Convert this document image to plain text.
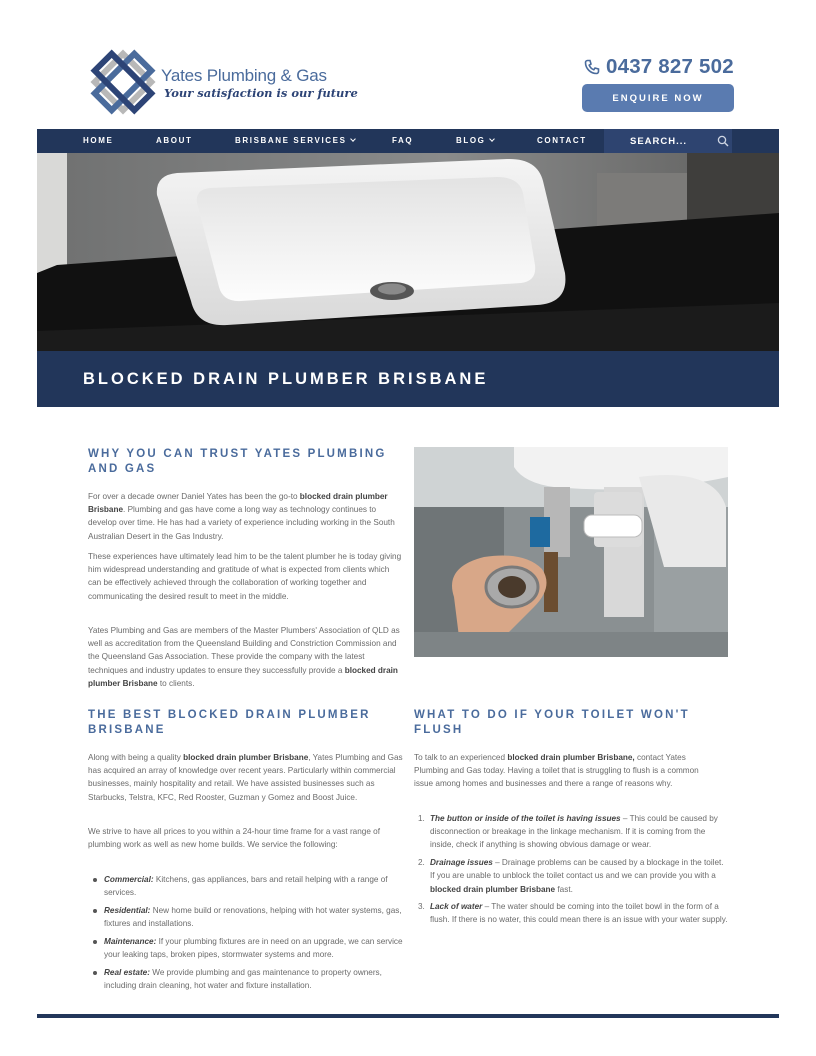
Yates Plumbing & Gas
Your satisfaction is our future
0437 827 502
ENQUIRE NOW
HOME	ABOUT	BRISBANE SERVICES	FAQ	BLOG	CONTACT
SEARCH...
BLOCKED DRAIN PLUMBER BRISBANE
WHY YOU CAN TRUST YATES PLUMBING AND GAS

For over a decade owner Daniel Yates has been the go-to blocked drain plumber Brisbane. Plumbing and gas have come a long way as technology continues to develop over time. He has had a variety of experience including working in the South Australian Desert in the Gas Industry.

These experiences have ultimately lead him to be the talent plumber he is today giving him widespread understanding and gratitude of what is expected from clients which can be effectively achieved through the collaboration of working together and communicating the desired result to meet in the middle.

Yates Plumbing and Gas are members of the Master Plumbers' Association of QLD as well as accreditation from the Queensland Building and Constriction Commission and the Queensland Gas Association. These provide the company with the latest techniques and industry updates to ensure they successfully provide a blocked drain plumber Brisbane to clients.

THE BEST BLOCKED DRAIN PLUMBER BRISBANE

Along with being a quality blocked drain plumber Brisbane, Yates Plumbing and Gas has acquired an array of knowledge over recent years. Particularly within commercial businesses, mainly hospitality and retail. We have assisted businesses such as Starbucks, Telstra, KFC, Red Rooster, Guzman y Gomez and Boost Juice.

We strive to have all prices to you within a 24-hour time frame for a vast range of plumbing work as well as new home builds. We service the following:

Commercial: Kitchens, gas appliances, bars and retail helping with a range of services.
Residential: New home build or renovations, helping with hot water systems, gas, fixtures and installations.
Maintenance: If your plumbing fixtures are in need on an upgrade, we can service your leaking taps, broken pipes, stormwater systems and more.
Real estate: We provide plumbing and gas maintenance to property owners, including drain cleaning, hot water and fixture installation.
WHAT TO DO IF YOUR TOILET WON'T FLUSH

To talk to an experienced blocked drain plumber Brisbane, contact Yates Plumbing and Gas today. Having a toilet that is struggling to flush is a common issue among homes and businesses and there a range of reasons why.

1. The button or inside of the toilet is having issues – This could be caused by disconnection or breakage in the linkage mechanism. If it is coming from the inside, check if anything is showing obvious damage or wear.
2. Drainage issues – Drainage problems can be caused by a blockage in the toilet. If you are unable to unblock the toilet contact us and we can provide you with a blocked drain plumber Brisbane fast.
3. Lack of water – The water should be coming into the toilet bowl in the form of a flush. If there is no water, this could mean there is an issue with your water supply.
